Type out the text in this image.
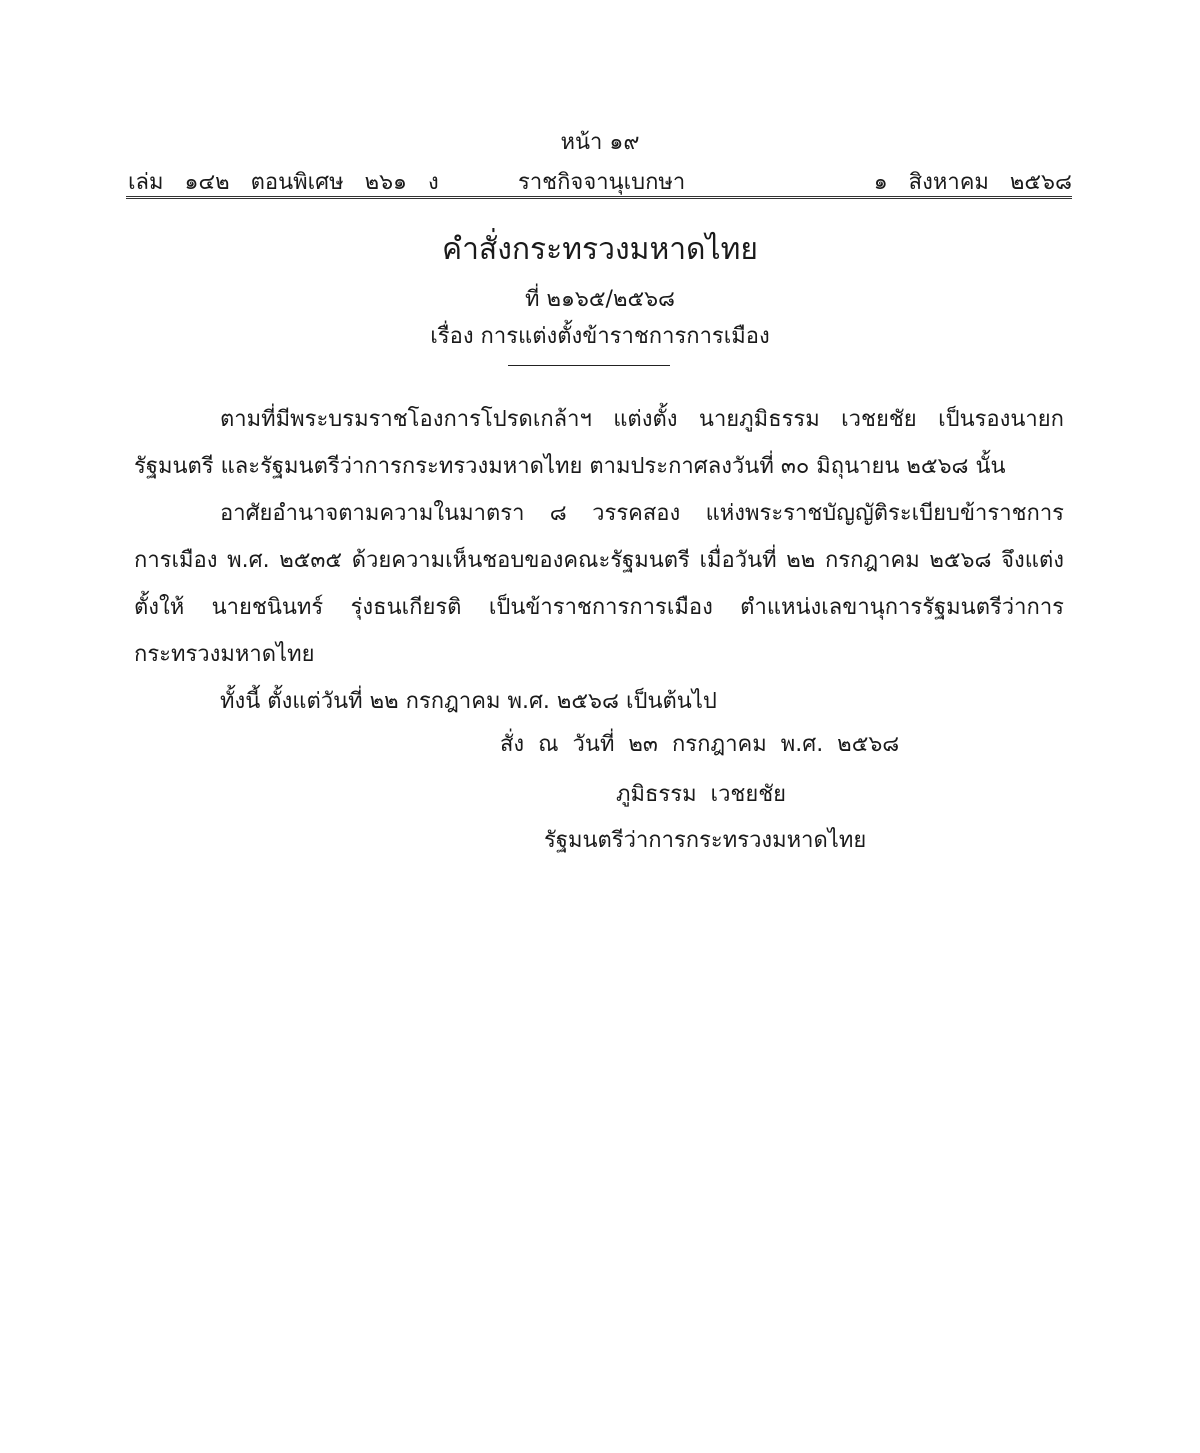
หน้า ๑๙
เล่ม   ๑๔๒   ตอนพิเศษ   ๒๖๑   ง	ราชกิจจานุเบกษา	๑   สิงหาคม   ๒๕๖๘
คำสั่งกระทรวงมหาดไทย
ที่ ๒๑๖๕/๒๕๖๘
เรื่อง การแต่งตั้งข้าราชการการเมือง

ตามที่มีพระบรมราชโองการโปรดเกล้าฯ แต่งตั้ง นายภูมิธรรม เวชยชัย เป็นรองนายกรัฐมนตรี และรัฐมนตรีว่าการกระทรวงมหาดไทย ตามประกาศลงวันที่ ๓๐ มิถุนายน ๒๕๖๘ นั้น

อาศัยอำนาจตามความในมาตรา ๘ วรรคสอง แห่งพระราชบัญญัติระเบียบข้าราชการการเมือง พ.ศ. ๒๕๓๕ ด้วยความเห็นชอบของคณะรัฐมนตรี เมื่อวันที่ ๒๒ กรกฎาคม ๒๕๖๘ จึงแต่งตั้งให้ นายชนินทร์ รุ่งธนเกียรติ เป็นข้าราชการการเมือง ตำแหน่งเลขานุการรัฐมนตรีว่าการกระทรวงมหาดไทย

ทั้งนี้ ตั้งแต่วันที่ ๒๒ กรกฎาคม พ.ศ. ๒๕๖๘ เป็นต้นไป

สั่ง  ณ  วันที่  ๒๓  กรกฎาคม  พ.ศ.  ๒๕๖๘
ภูมิธรรม  เวชยชัย
รัฐมนตรีว่าการกระทรวงมหาดไทย
